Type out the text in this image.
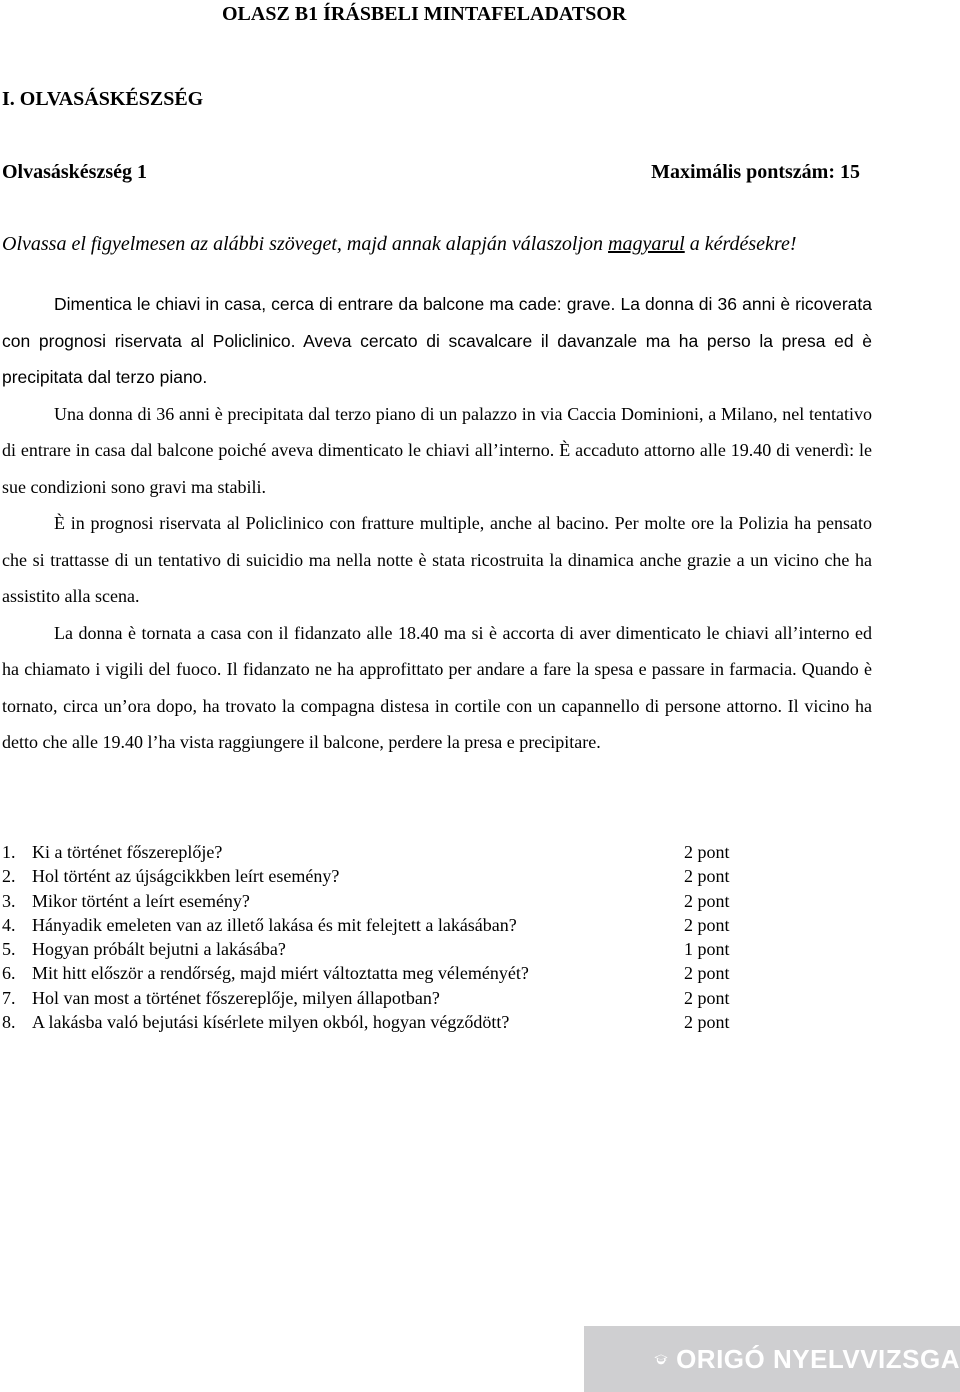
OLASZ B1 ÍRÁSBELI MINTAFELADATSOR
I. OLVASÁSKÉSZSÉG
Olvasáskészség 1	Maximális pontszám: 15
Olvassa el figyelmesen az alábbi szöveget, majd annak alapján válaszoljon magyarul a kérdésekre!

Dimentica le chiavi in casa, cerca di entrare da balcone ma cade: grave. La donna di 36 anni è ricoverata con prognosi riservata al Policlinico. Aveva cercato di scavalcare il davanzale ma ha perso la presa ed è precipitata dal terzo piano.

Una donna di 36 anni è precipitata dal terzo piano di un palazzo in via Caccia Dominioni, a Milano, nel tentativo di entrare in casa dal balcone poiché aveva dimenticato le chiavi all’interno. È accaduto attorno alle 19.40 di venerdì: le sue condizioni sono gravi ma stabili.

È in prognosi riservata al Policlinico con fratture multiple, anche al bacino. Per molte ore la Polizia ha pensato che si trattasse di un tentativo di suicidio ma nella notte è stata ricostruita la dinamica anche grazie a un vicino che ha assistito alla scena.

La donna è tornata a casa con il fidanzato alle 18.40 ma si è accorta di aver dimenticato le chiavi all’interno ed ha chiamato i vigili del fuoco. Il fidanzato ne ha approfittato per andare a fare la spesa e passare in farmacia. Quando è tornato, circa un’ora dopo, ha trovato la compagna distesa in cortile con un capannello di persone attorno. Il vicino ha detto che alle 19.40 l’ha vista raggiungere il balcone, perdere la presa e precipitare.

1. Ki a történet főszereplője?	2 pont
2. Hol történt az újságcikkben leírt esemény?	2 pont
3. Mikor történt a leírt esemény?	2 pont
4. Hányadik emeleten van az illető lakása és mit felejtett a lakásában?	2 pont
5. Hogyan próbált bejutni a lakásába?	1 pont
6. Mit hitt először a rendőrség, majd miért változtatta meg véleményét?	2 pont
7. Hol van most a történet főszereplője, milyen állapotban?	2 pont
8. A lakásba való bejutási kísérlete milyen okból, hogyan végződött?	2 pont
ORIGÓ NYELVVIZSGA
